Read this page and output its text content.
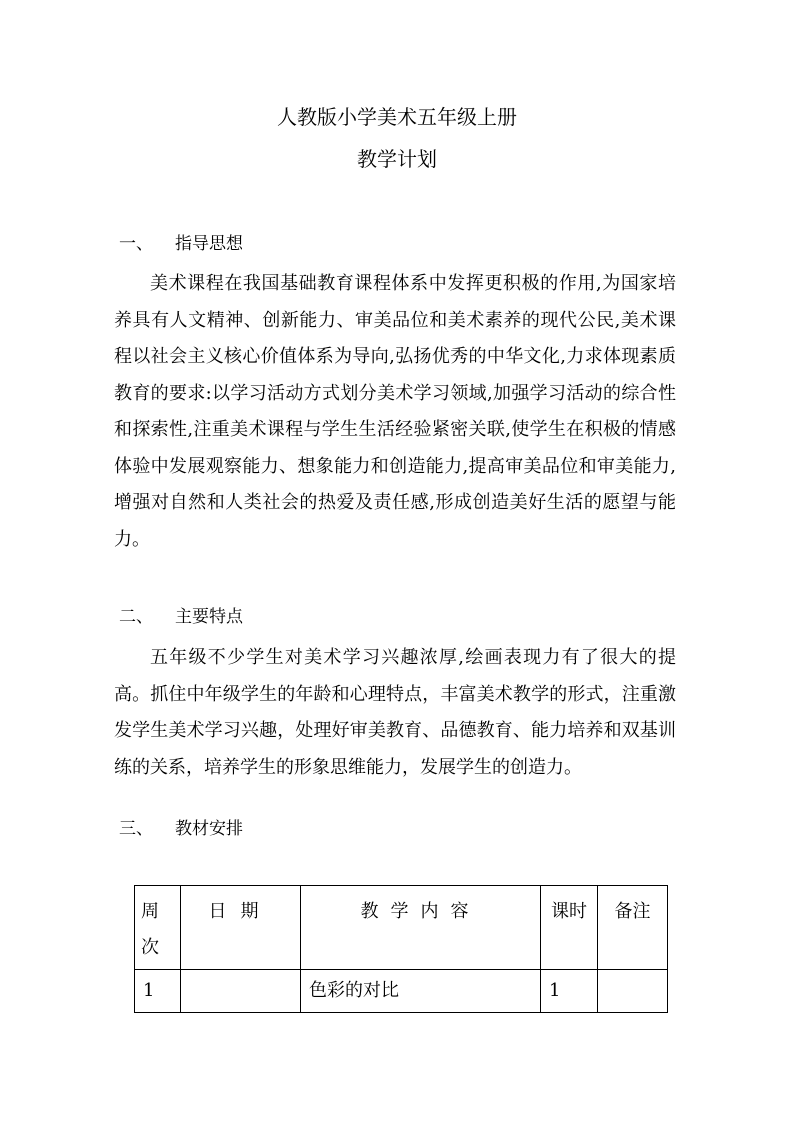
人教版小学美术五年级上册
教学计划
一、 指导思想

美术课程在我国基础教育课程体系中发挥更积极的作用,为国家培养具有人文精神、创新能力、审美品位和美术素养的现代公民,美术课程以社会主义核心价值体系为导向,弘扬优秀的中华文化,力求体现素质教育的要求:以学习活动方式划分美术学习领域,加强学习活动的综合性和探索性,注重美术课程与学生生活经验紧密关联,使学生在积极的情感体验中发展观察能力、想象能力和创造能力,提高审美品位和审美能力,增强对自然和人类社会的热爱及责任感,形成创造美好生活的愿望与能力。

二、 主要特点

五年级不少学生对美术学习兴趣浓厚,绘画表现力有了很大的提高。抓住中年级学生的年龄和心理特点，丰富美术教学的形式，注重激发学生美术学习兴趣，处理好审美教育、品德教育、能力培养和双基训练的关系，培养学生的形象思维能力，发展学生的创造力。

三、 教材安排
周
次	日期	教学内容	课时	备注
1		色彩的对比	1	
